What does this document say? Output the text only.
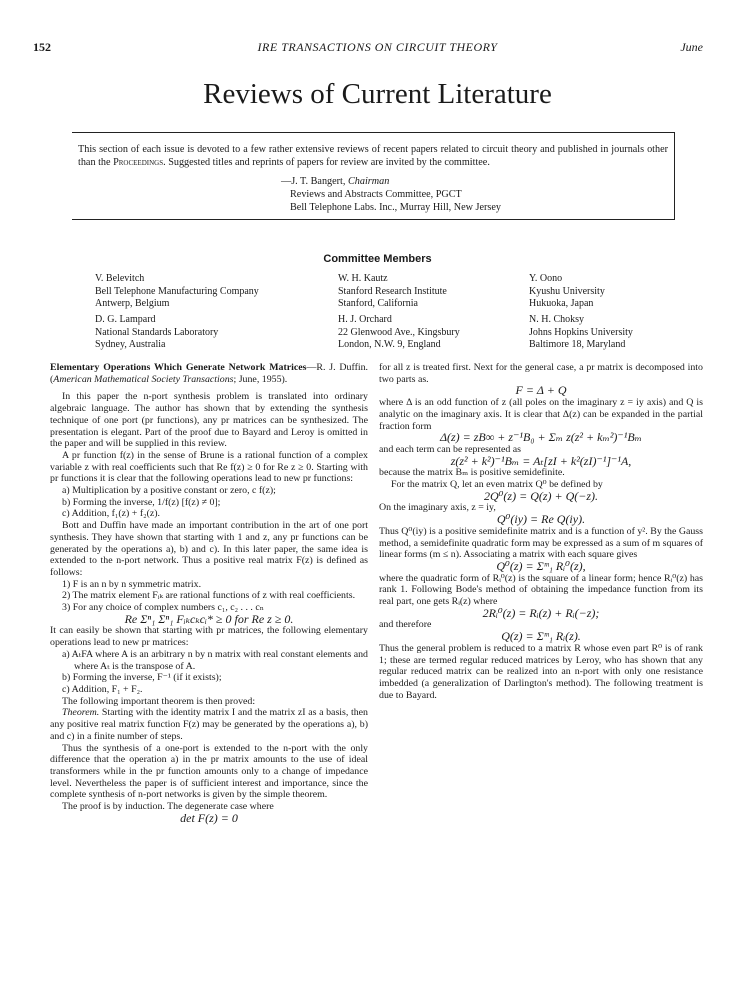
152	IRE TRANSACTIONS ON CIRCUIT THEORY	June
Reviews of Current Literature
This section of each issue is devoted to a few rather extensive reviews of recent papers related to circuit theory and published in journals other than the Proceedings. Suggested titles and reprints of papers for review are invited by the committee.
—J. T. Bangert, Chairman
Reviews and Abstracts Committee, PGCT
Bell Telephone Labs. Inc., Murray Hill, New Jersey
Committee Members
V. Belevitch
Bell Telephone Manufacturing Company
Antwerp, Belgium
W. H. Kautz
Stanford Research Institute
Stanford, California
Y. Oono
Kyushu University
Hukuoka, Japan
D. G. Lampard
National Standards Laboratory
Sydney, Australia
H. J. Orchard
22 Glenwood Ave., Kingsbury
London, N.W. 9, England
N. H. Choksy
Johns Hopkins University
Baltimore 18, Maryland

Elementary Operations Which Generate Network Matrices—R. J. Duffin. (American Mathematical Society Transactions; June, 1955).

In this paper the n-port synthesis problem is translated into ordinary algebraic language. The author has shown that by extending the synthesis technique of one port (pr functions), any pr matrices can be synthesized. The presentation is elegant. Part of the proof due to Bayard and Leroy is omitted in the paper and will be supplied in this review.

A pr function f(z) in the sense of Brune is a rational function of a complex variable z with real coefficients such that Re f(z) ≥ 0 for Re z ≥ 0. Starting with pr functions it is clear that the following operations lead to new pr functions:

a) Multiplication by a positive constant or zero, c f(z);

b) Forming the inverse, 1/f(z) [f(z) ≠ 0];

c) Addition, f₁(z) + f₂(z).

Bott and Duffin have made an important contribution in the art of one port synthesis. They have shown that starting with 1 and z, any pr functions can be generated by the operations a), b) and c). In this later paper, the same idea is extended to the n-port network. Thus a positive real matrix F(z) is defined as follows:

1) F is an n by n symmetric matrix.

2) The matrix element Fᵢₖ are rational functions of z with real coefficients.

3) For any choice of complex numbers c₁, c₂ . . . cₙ

Re Σⁿ₁ Σⁿ₁ Fᵢₖcₖcᵢ* ≥ 0 for Re z ≥ 0.

It can easily be shown that starting with pr matrices, the following elementary operations lead to new pr matrices:

a) AₜFA where A is an arbitrary n by n matrix with real constant elements and where Aₜ is the transpose of A.

b) Forming the inverse, F⁻¹ (if it exists);

c) Addition, F₁ + F₂.

The following important theorem is then proved:

Theorem. Starting with the identity matrix I and the matrix zI as a basis, then any positive real matrix function F(z) may be generated by the operations a), b) and c) in a finite number of steps.

Thus the synthesis of a one-port is extended to the n-port with the only difference that the operation a) in the pr matrix amounts to the use of ideal transformers while in the pr function amounts only to a change of impedance level. Nevertheless the paper is of sufficient interest and importance, since the complete synthesis of n-port networks is given by the simple theorem.

The proof is by induction. The degenerate case where

det F(z) = 0

for all z is treated first. Next for the general case, a pr matrix is decomposed into two parts as.

F = Δ + Q

where Δ is an odd function of z (all poles on the imaginary z = iy axis) and Q is analytic on the imaginary axis. It is clear that Δ(z) can be expanded in the partial fraction form

Δ(z) = zB∞ + z⁻¹B₀ + Σₘ z(z² + kₘ²)⁻¹Bₘ

and each term can be represented as

z(z² + k²)⁻¹Bₘ = Aₜ[zI + k²(zI)⁻¹]⁻¹A,

because the matrix Bₘ is positive semidefinite.

For the matrix Q, let an even matrix Q⁰ be defined by

2Q⁰(z) = Q(z) + Q(−z).

On the imaginary axis, z = iy,

Q⁰(iy) = Re Q(iy).

Thus Q⁰(iy) is a positive semidefinite matrix and is a function of y². By the Gauss method, a semidefinite quadratic form may be expressed as a sum of m squares of linear forms (m ≤ n). Associating a matrix with each square gives

Q⁰(z) = Σᵐ₁ Rᵢ⁰(z),

where the quadratic form of Rᵢ⁰(z) is the square of a linear form; hence Rᵢ⁰(z) has rank 1. Following Bode's method of obtaining the impedance function from its real part, one gets Rᵢ(z) where

2Rᵢ⁰(z) = Rᵢ(z) + Rᵢ(−z);

and therefore

Q(z) = Σᵐ₁ Rᵢ(z).

Thus the general problem is reduced to a matrix R whose even part R⁰ is of rank 1; these are termed regular reduced matrices by Leroy, who has shown that any regular reduced matrix can be realized into an n-port with only one resistance imbedded (a generalization of Darlington's method). The following treatment is due to Bayard.
